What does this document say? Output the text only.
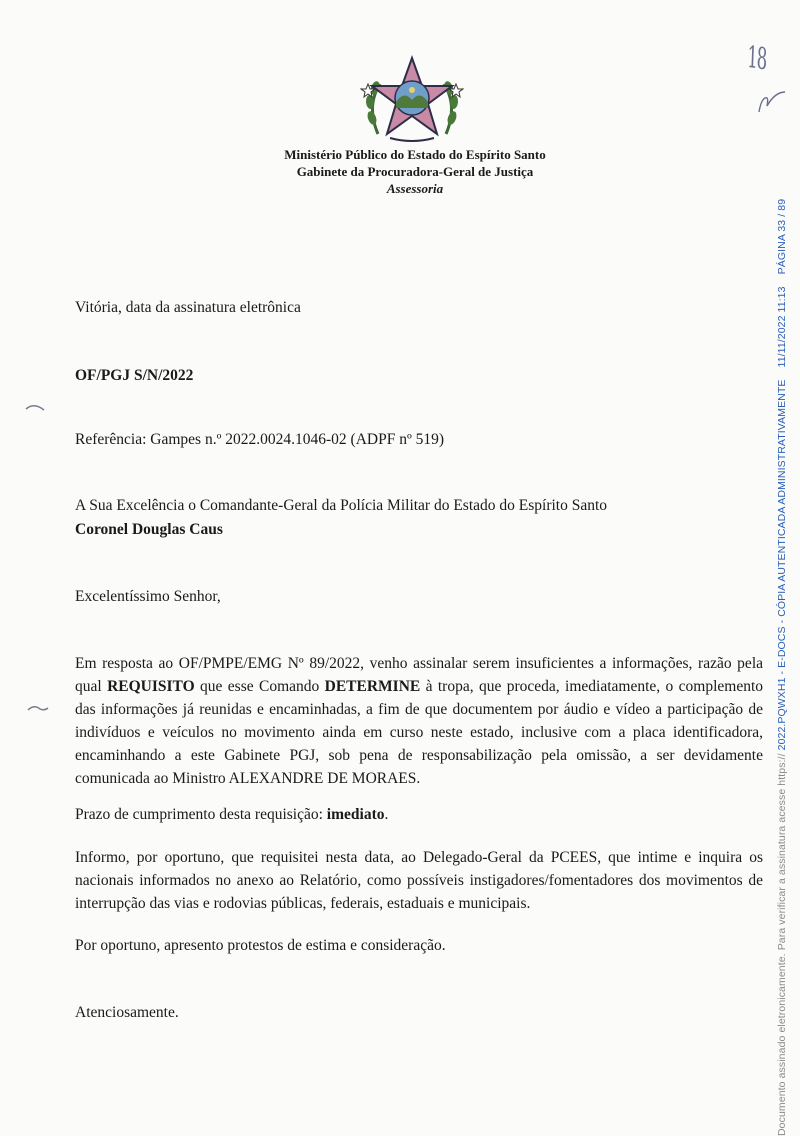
Ministério Público do Estado do Espírito Santo
Gabinete da Procuradora-Geral de Justiça
Assessoria
18
Vitória, data da assinatura eletrônica
OF/PGJ S/N/2022
Referência: Gampes n.º 2022.0024.1046-02 (ADPF nº 519)
A Sua Excelência o Comandante-Geral da Polícia Militar do Estado do Espírito Santo
Coronel Douglas Caus
Excelentíssimo Senhor,
Em resposta ao OF/PMPE/EMG Nº 89/2022, venho assinalar serem insuficientes a informações, razão pela qual REQUISITO que esse Comando DETERMINE à tropa, que proceda, imediatamente, o complemento das informações já reunidas e encaminhadas, a fim de que documentem por áudio e vídeo a participação de indivíduos e veículos no movimento ainda em curso neste estado, inclusive com a placa identificadora, encaminhando a este Gabinete PGJ, sob pena de responsabilização pela omissão, a ser devidamente comunicada ao Ministro ALEXANDRE DE MORAES.
Prazo de cumprimento desta requisição: imediato.
Informo, por oportuno, que requisitei nesta data, ao Delegado-Geral da PCEES, que intime e inquira os nacionais informados no anexo ao Relatório, como possíveis instigadores/fomentadores dos movimentos de interrupção das vias e rodovias públicas, federais, estaduais e municipais.
Por oportuno, apresento protestos de estima e consideração.
Atenciosamente.	Documento assinado eletronicamente. Para verificar a assinatura acesse https:// 2022.PQWXH1 - E-DOCS - CÓPIA AUTENTICADA ADMINISTRATIVAMENTE    11/11/2022 11:13    PÁGINA 33 / 89
